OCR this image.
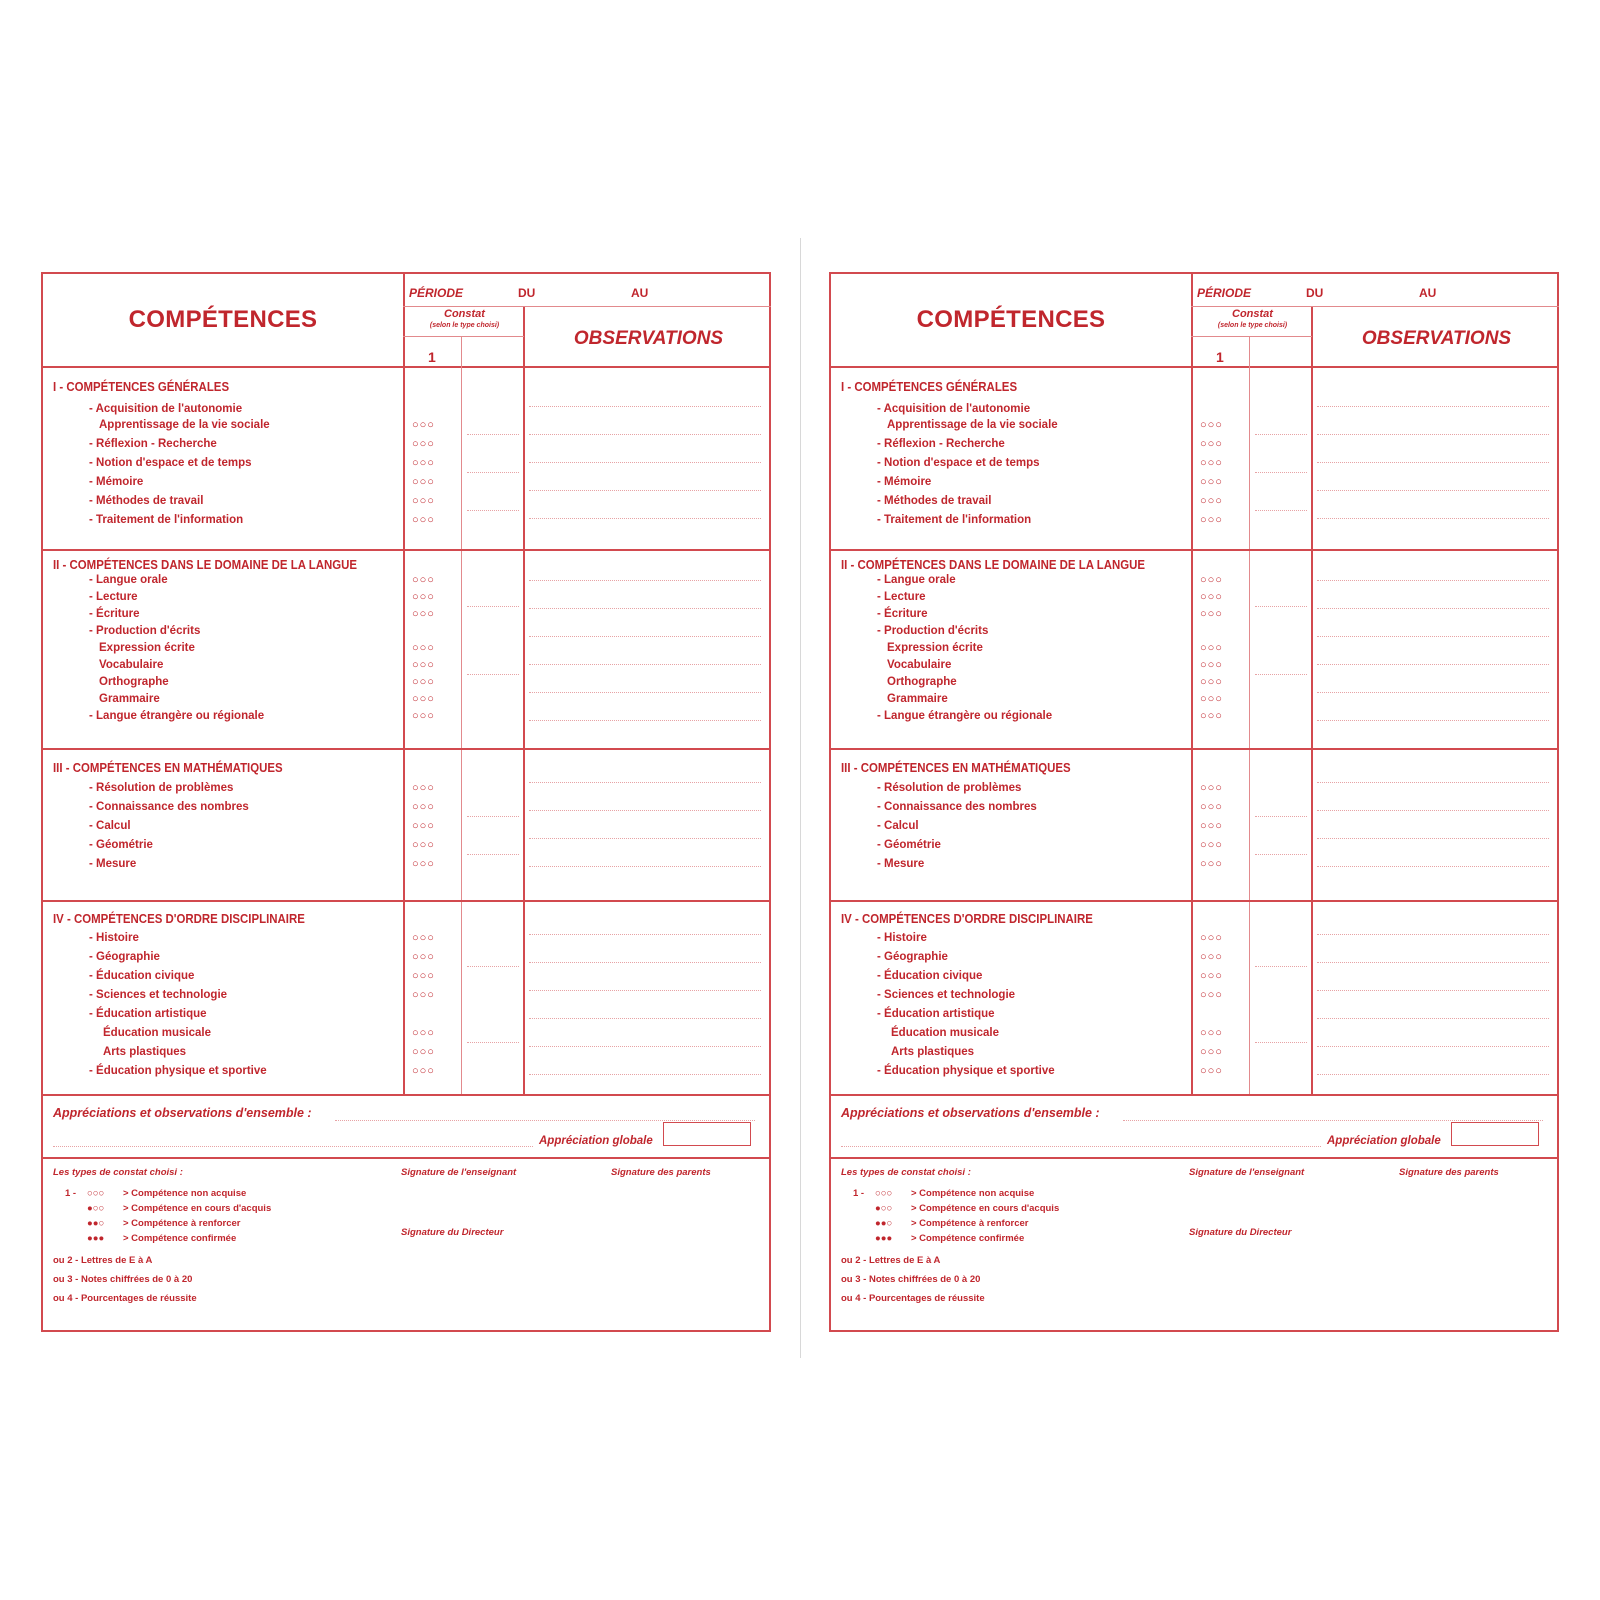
COMPÉTENCES
PÉRIODE	DU	AU
Constat
(selon le type choisi)
OBSERVATIONS
1
I - COMPÉTENCES GÉNÉRALES
- Acquisition de l'autonomie
Apprentissage de la vie sociale	○○○
- Réflexion - Recherche	○○○
- Notion d'espace et de temps	○○○
- Mémoire	○○○
- Méthodes de travail	○○○
- Traitement de l'information	○○○
II - COMPÉTENCES DANS LE DOMAINE DE LA LANGUE
- Langue orale	○○○
- Lecture	○○○
- Écriture	○○○
- Production d'écrits
Expression écrite	○○○
Vocabulaire	○○○
Orthographe	○○○
Grammaire	○○○
- Langue étrangère ou régionale	○○○
III - COMPÉTENCES EN MATHÉMATIQUES
- Résolution de problèmes	○○○
- Connaissance des nombres	○○○
- Calcul	○○○
- Géométrie	○○○
- Mesure	○○○
IV - COMPÉTENCES D'ORDRE DISCIPLINAIRE
- Histoire	○○○
- Géographie	○○○
- Éducation civique	○○○
- Sciences et technologie	○○○
- Éducation artistique
Éducation musicale	○○○
Arts plastiques	○○○
- Éducation physique et sportive	○○○
Appréciations et observations d'ensemble :
Appréciation globale
Les types de constat choisi :
1 - ○○○ > Compétence non acquise
●○○ > Compétence en cours d'acquis
●●○ > Compétence à renforcer
●●● > Compétence confirmée
ou 2 - Lettres de E à A
ou 3 - Notes chiffrées de 0 à 20
ou 4 - Pourcentages de réussite
Signature de l'enseignant	Signature des parents
Signature du Directeur
COMPÉTENCES
PÉRIODE	DU	AU
Constat
(selon le type choisi)
OBSERVATIONS
1
I - COMPÉTENCES GÉNÉRALES
- Acquisition de l'autonomie
Apprentissage de la vie sociale	○○○
- Réflexion - Recherche	○○○
- Notion d'espace et de temps	○○○
- Mémoire	○○○
- Méthodes de travail	○○○
- Traitement de l'information	○○○
II - COMPÉTENCES DANS LE DOMAINE DE LA LANGUE
- Langue orale	○○○
- Lecture	○○○
- Écriture	○○○
- Production d'écrits
Expression écrite	○○○
Vocabulaire	○○○
Orthographe	○○○
Grammaire	○○○
- Langue étrangère ou régionale	○○○
III - COMPÉTENCES EN MATHÉMATIQUES
- Résolution de problèmes	○○○
- Connaissance des nombres	○○○
- Calcul	○○○
- Géométrie	○○○
- Mesure	○○○
IV - COMPÉTENCES D'ORDRE DISCIPLINAIRE
- Histoire	○○○
- Géographie	○○○
- Éducation civique	○○○
- Sciences et technologie	○○○
- Éducation artistique
Éducation musicale	○○○
Arts plastiques	○○○
- Éducation physique et sportive	○○○
Appréciations et observations d'ensemble :
Appréciation globale
Les types de constat choisi :
1 - ○○○ > Compétence non acquise
●○○ > Compétence en cours d'acquis
●●○ > Compétence à renforcer
●●● > Compétence confirmée
ou 2 - Lettres de E à A
ou 3 - Notes chiffrées de 0 à 20
ou 4 - Pourcentages de réussite
Signature de l'enseignant	Signature des parents
Signature du Directeur
